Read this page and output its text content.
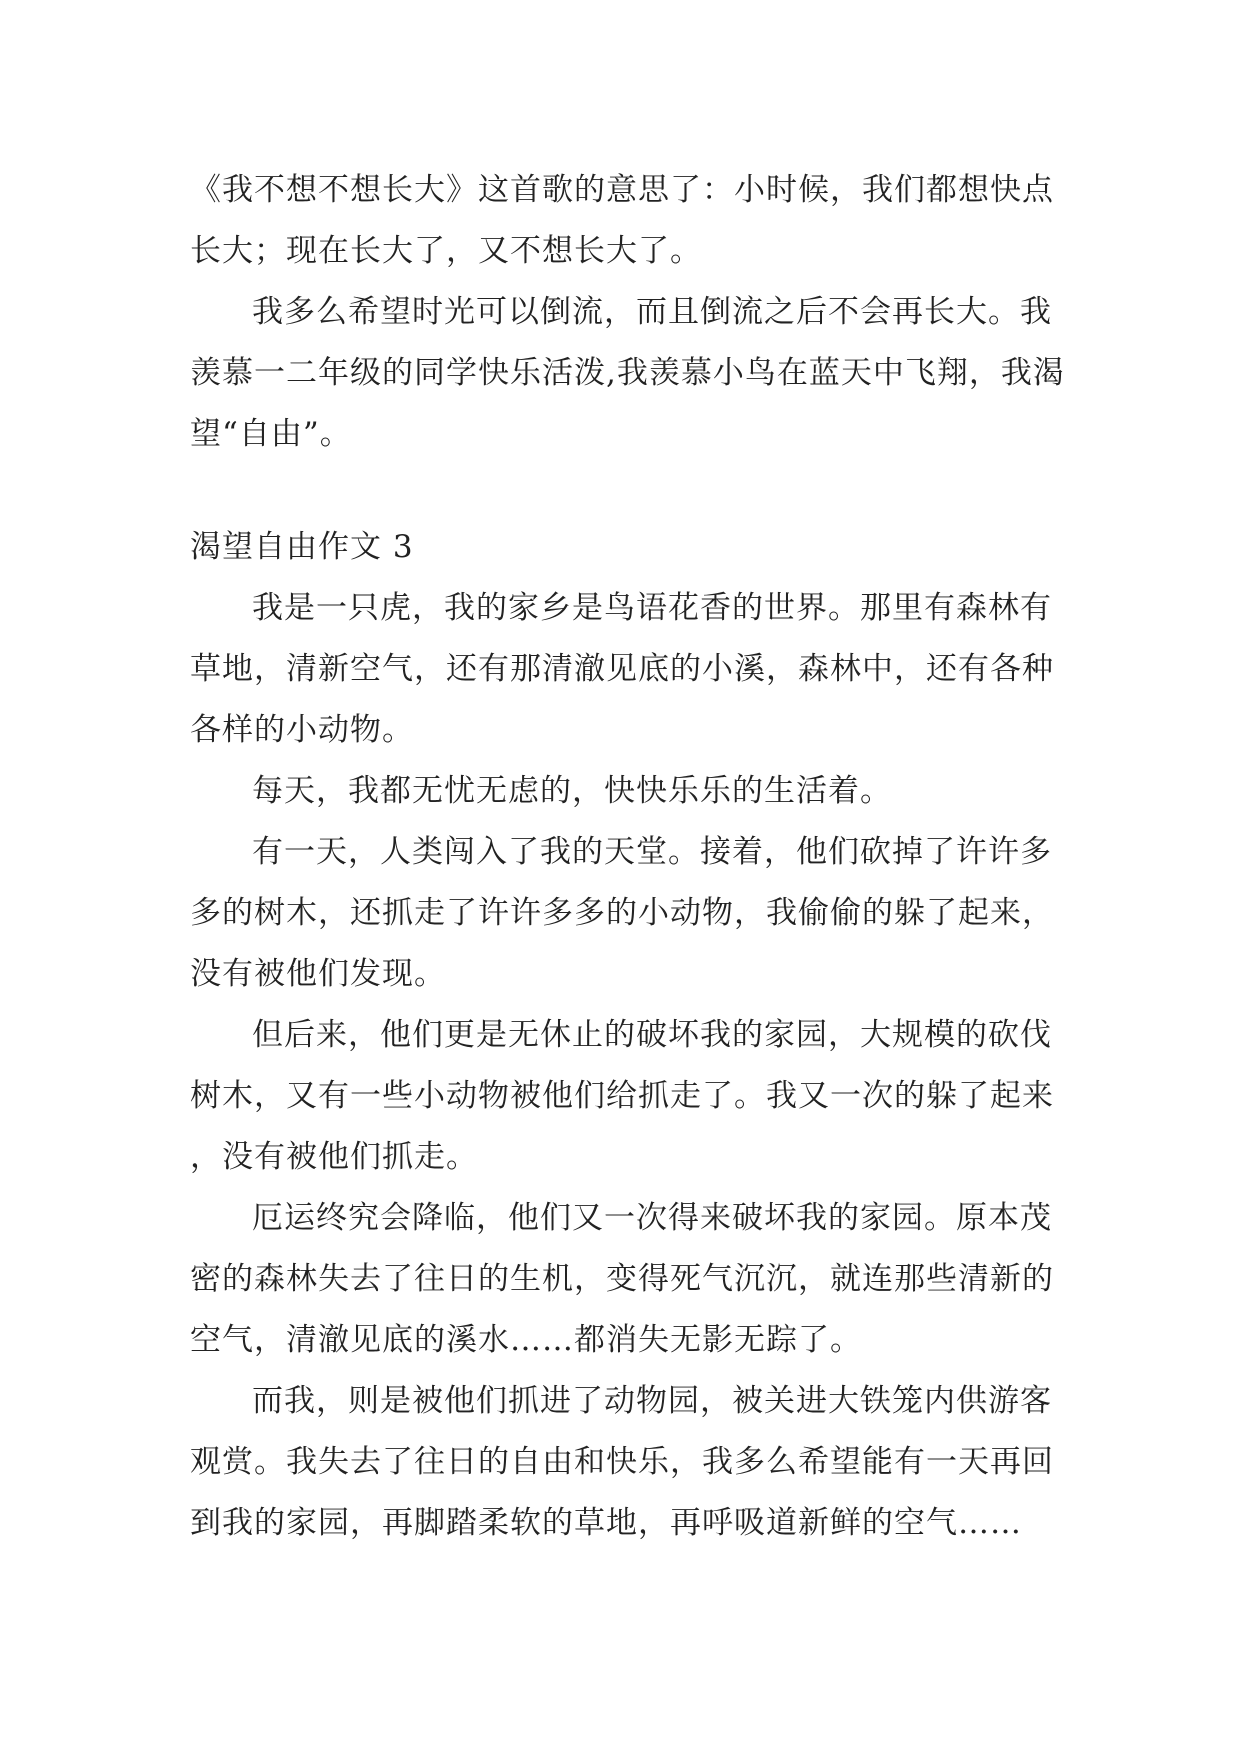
《我不想不想长大》这首歌的意思了：小时候，我们都想快点长大；现在长大了，又不想长大了。

我多么希望时光可以倒流，而且倒流之后不会再长大。我羡慕一二年级的同学快乐活泼,我羡慕小鸟在蓝天中飞翔，我渴望“自由”。

渴望自由作文 3

我是一只虎，我的家乡是鸟语花香的世界。那里有森林有草地，清新空气，还有那清澈见底的小溪，森林中，还有各种各样的小动物。

每天，我都无忧无虑的，快快乐乐的生活着。

有一天，人类闯入了我的天堂。接着，他们砍掉了许许多多的树木，还抓走了许许多多的小动物，我偷偷的躲了起来，没有被他们发现。

但后来，他们更是无休止的破坏我的家园，大规模的砍伐树木，又有一些小动物被他们给抓走了。我又一次的躲了起来，没有被他们抓走。

厄运终究会降临，他们又一次得来破坏我的家园。原本茂密的森林失去了往日的生机，变得死气沉沉，就连那些清新的空气，清澈见底的溪水……都消失无影无踪了。

而我，则是被他们抓进了动物园，被关进大铁笼内供游客观赏。我失去了往日的自由和快乐，我多么希望能有一天再回到我的家园，再脚踏柔软的草地，再呼吸道新鲜的空气……
